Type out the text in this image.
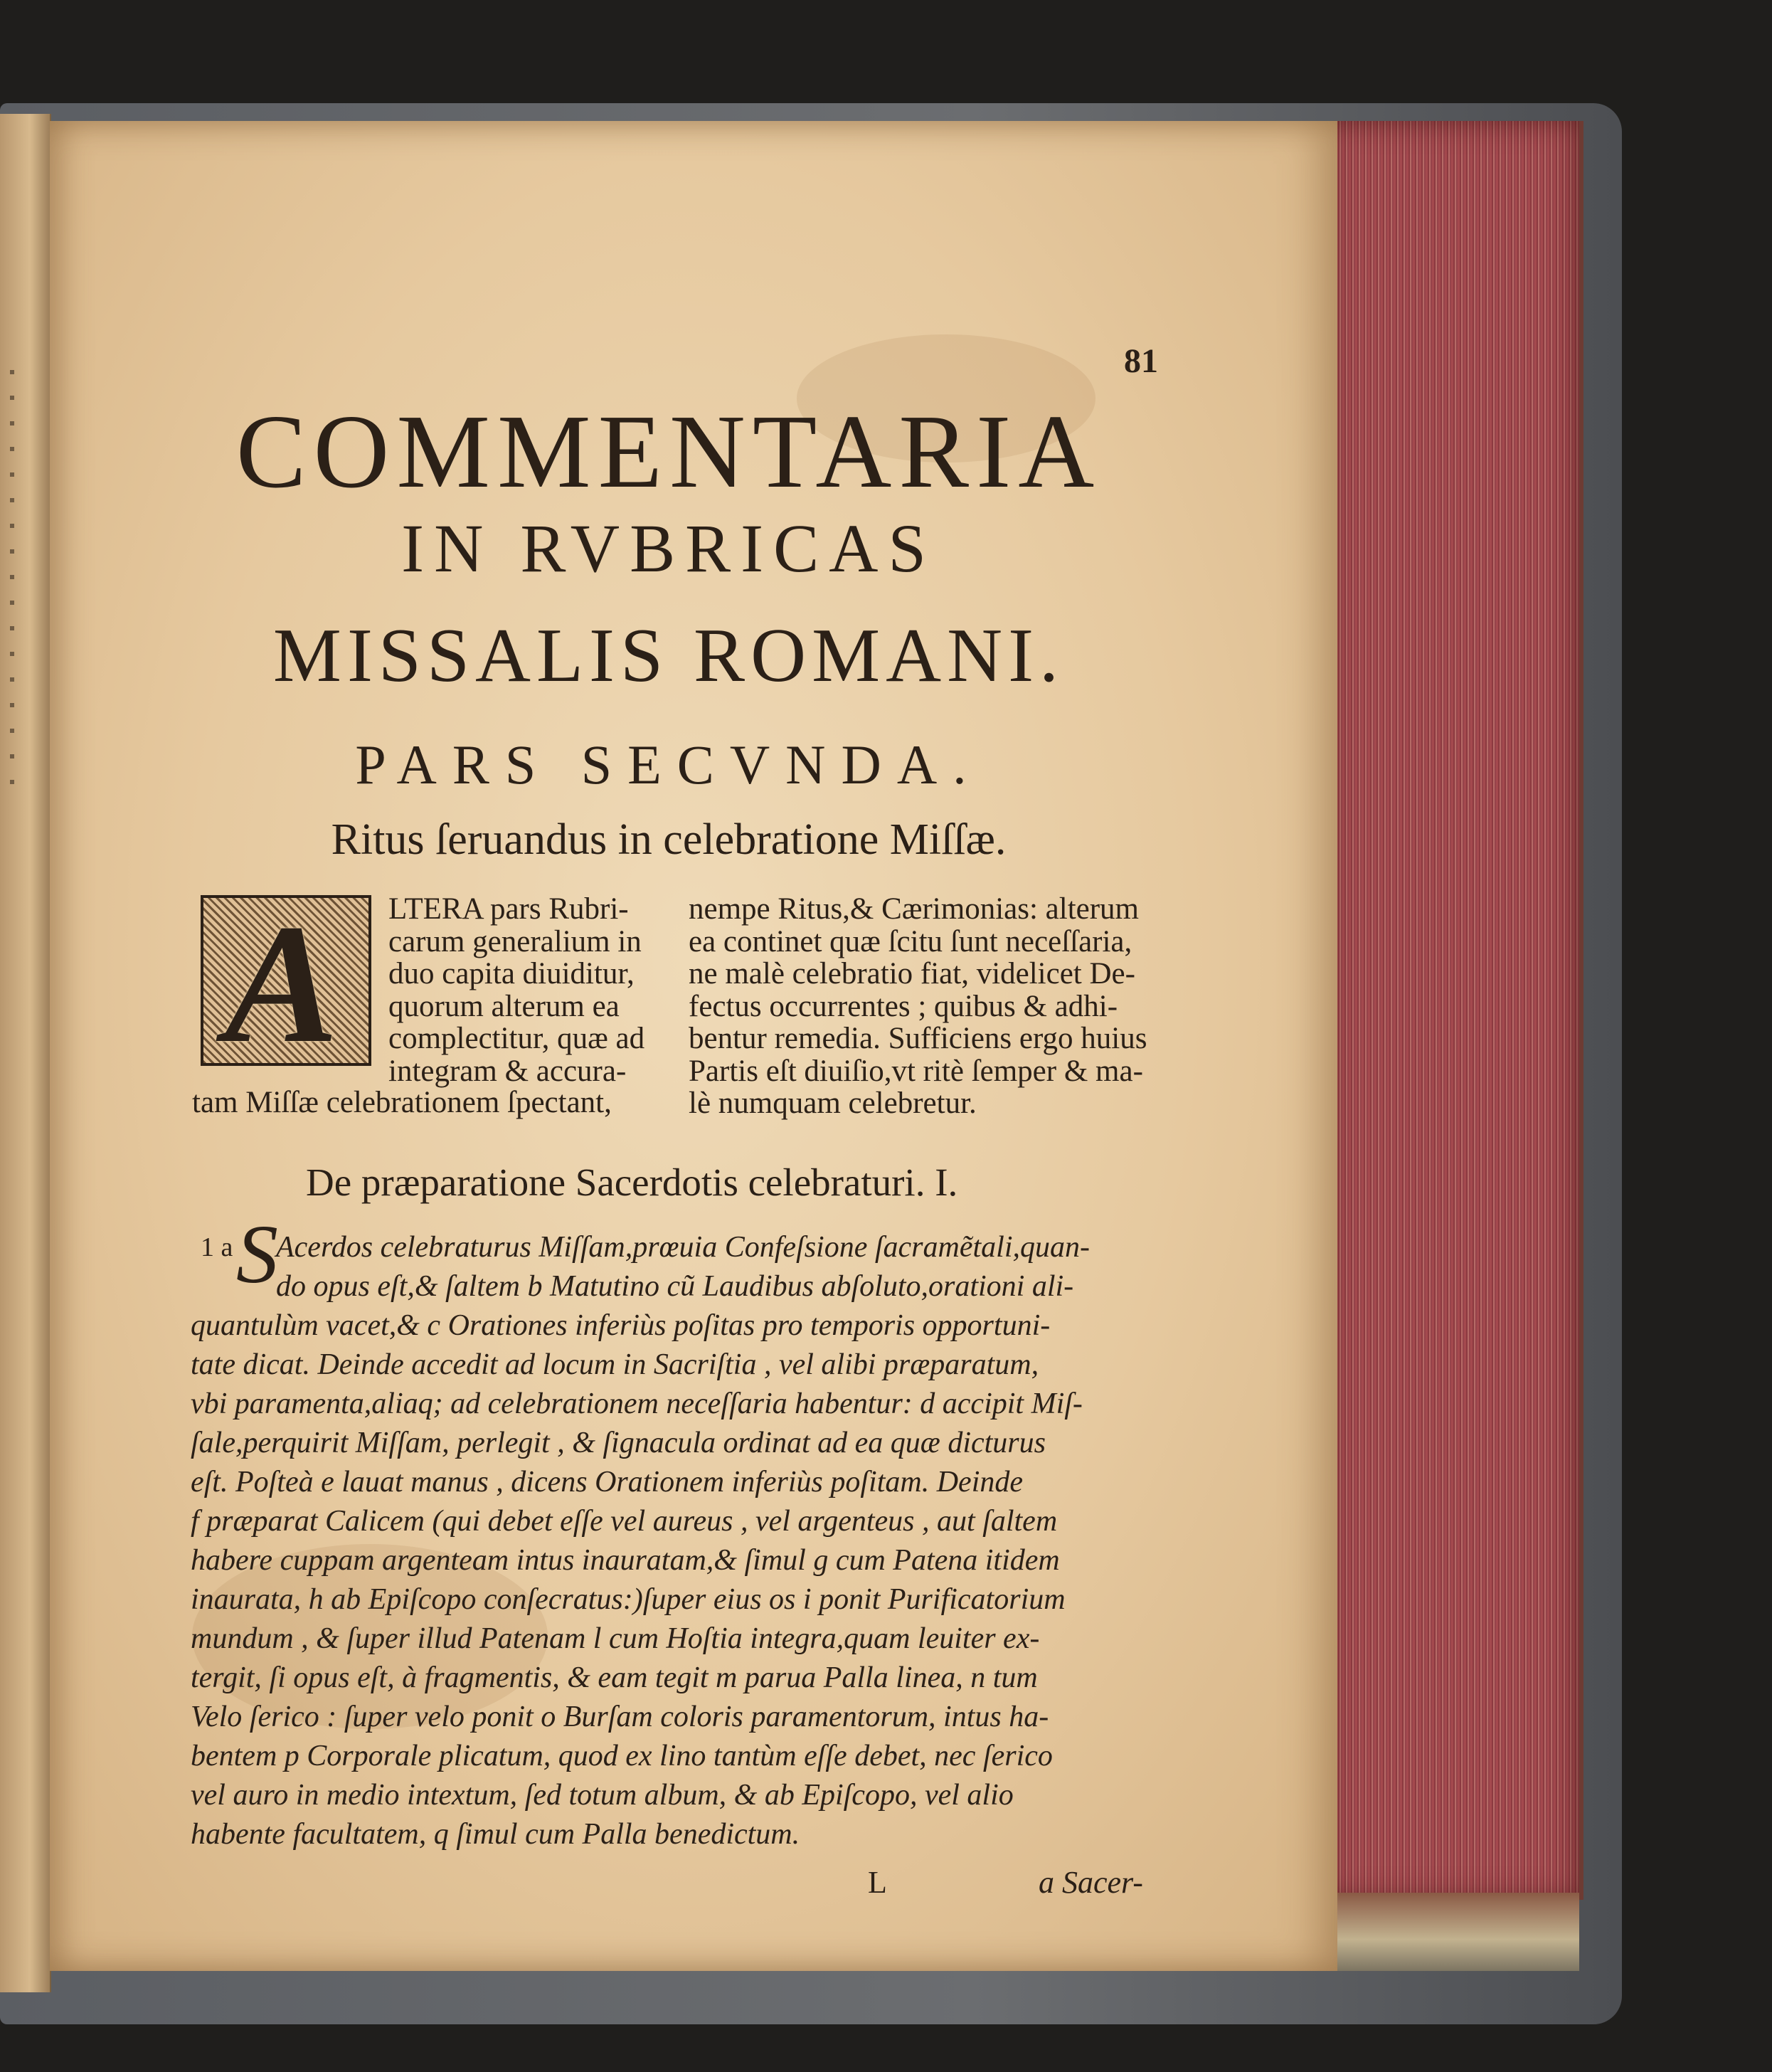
81
COMMENTARIA
IN RVBRICAS
MISSALIS ROMANI.
PARS SECVNDA.
Ritus ſeruandus in celebratione Miſſæ.
A LTERA pars Rubri-
carum generalium in
duo capita diuiditur,
quorum alterum ea
complectitur, quæ ad
integram & accura-
tam Miſſæ celebrationem ſpectant,
nempe Ritus,& Cærimonias: alterum
ea continet quæ ſcitu ſunt neceſſaria,
ne malè celebratio fiat, videlicet De-
fectus occurrentes ; quibus & adhi-
bentur remedia. Sufficiens ergo huius
Partis eſt diuiſio,vt ritè ſemper & ma-
lè numquam celebretur.
De præparatione Sacerdotis celebraturi. I.
1 a S
Acerdos celebraturus Miſſam,prœuia Confeſsione ſacramẽtali,quan-
do opus eſt,& ſaltem b Matutino cũ Laudibus abſoluto,orationi ali-
quantulùm vacet,& c Orationes inferiùs poſitas pro temporis opportuni-
tate dicat. Deinde accedit ad locum in Sacriſtia , vel alibi præparatum,
vbi paramenta,aliaq; ad celebrationem neceſſaria habentur: d accipit Miſ-
ſale,perquirit Miſſam, perlegit , & ſignacula ordinat ad ea quæ dicturus
eſt. Poſteà e lauat manus , dicens Orationem inferiùs poſitam. Deinde
f præparat Calicem (qui debet eſſe vel aureus , vel argenteus , aut ſaltem
habere cuppam argenteam intus inauratam,& ſimul g cum Patena itidem
inaurata, h ab Epiſcopo conſecratus:)ſuper eius os i ponit Purificatorium
mundum , & ſuper illud Patenam l cum Hoſtia integra,quam leuiter ex-
tergit, ſi opus eſt, à fragmentis, & eam tegit m parua Palla linea, n tum
Velo ſerico : ſuper velo ponit o Burſam coloris paramentorum, intus ha-
bentem p Corporale plicatum, quod ex lino tantùm eſſe debet, nec ſerico
vel auro in medio intextum, ſed totum album, & ab Epiſcopo, vel alio
habente facultatem, q ſimul cum Palla benedictum.
L	a Sacer-
